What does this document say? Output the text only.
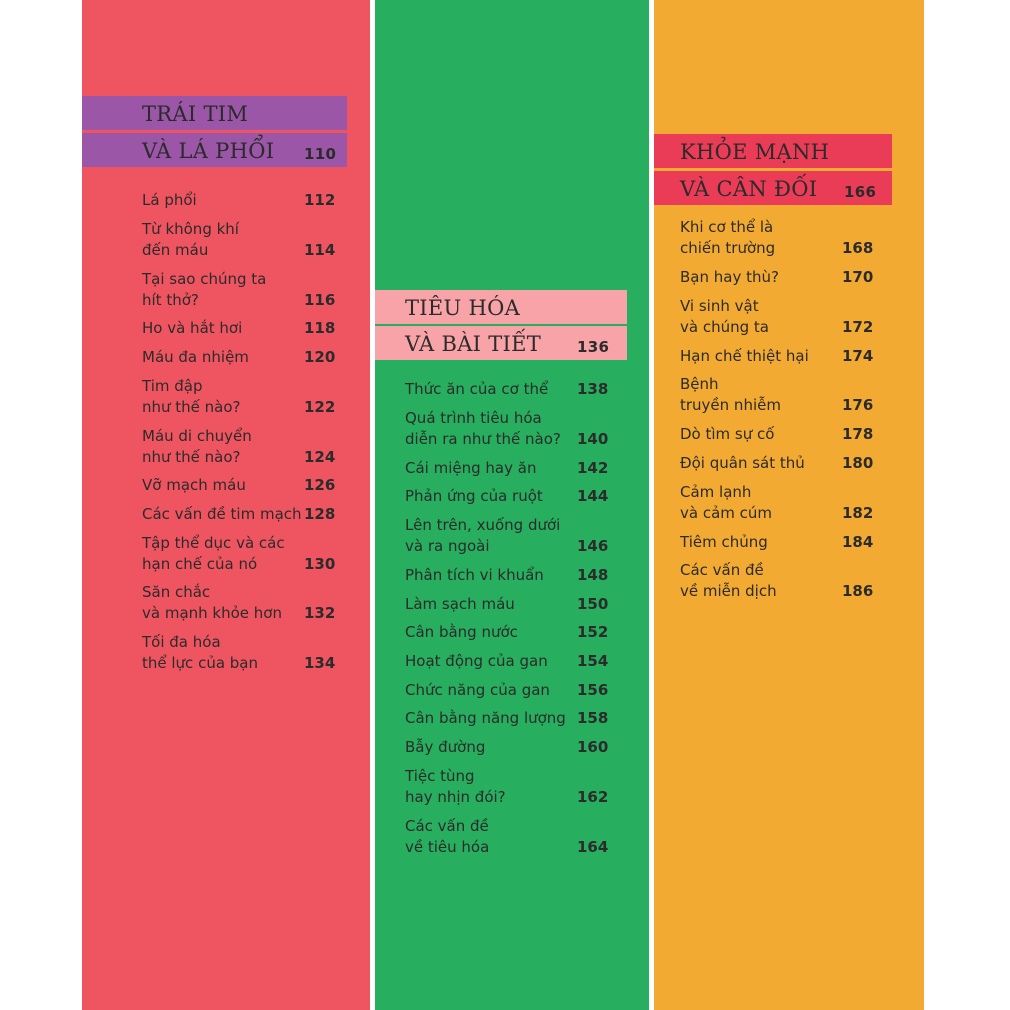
TRÁI TIM
VÀ LÁ PHỔI 110
TIÊU HÓA
VÀ BÀI TIẾT 136
KHỎE MẠNH
VÀ CÂN ĐỐI 166
Lá phổi	112
Từ không khí
đến máu	114
Tại sao chúng ta
hít thở?	116
Ho và hắt hơi	118
Máu đa nhiệm	120
Tim đập
như thế nào?	122
Máu di chuyển
như thế nào?	124
Vỡ mạch máu	126
Các vấn đề tim mạch 128
Tập thể dục và các
hạn chế của nó	130
Săn chắc
và mạnh khỏe hơn	132
Tối đa hóa
thể lực của bạn	134
Thức ăn của cơ thể	138
Quá trình tiêu hóa
diễn ra như thế nào?	140
Cái miệng hay ăn	142
Phản ứng của ruột	144
Lên trên, xuống dưới
và ra ngoài	146
Phân tích vi khuẩn	148
Làm sạch máu	150
Cân bằng nước	152
Hoạt động của gan	154
Chức năng của gan	156
Cân bằng năng lượng 158
Bẫy đường	160
Tiệc tùng
hay nhịn đói?	162
Các vấn đề
về tiêu hóa	164
Khi cơ thể là
chiến trường	168
Bạn hay thù?	170
Vi sinh vật
và chúng ta	172
Hạn chế thiệt hại	174
Bệnh
truyền nhiễm	176
Dò tìm sự cố	178
Đội quân sát thủ	180
Cảm lạnh
và cảm cúm	182
Tiêm chủng	184
Các vấn đề
về miễn dịch	186
